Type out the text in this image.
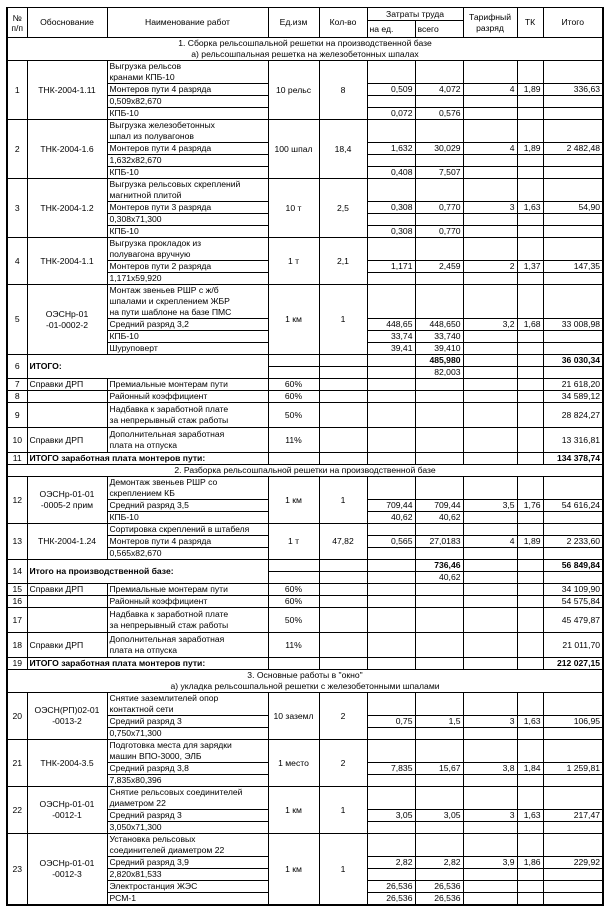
№ п/п	Обоснование	Наименование работ	Ед.изм	Кол-во	Затраты труда		Тарифный разряд	ТК	Итого
					на ед.	всего			
1. Сборка рельсошпальной решетки на производственной базе									
а) рельсошпальная решетка на железобетонных шпалах									
1	ТНК-2004-1.11	Выгрузка рельсов	10 рельс	8					
		кранами КПБ-10							
		Монтеров пути 4 разряда			0,509	4,072	4	1,89	336,63
		0,509x82,670							
		КПБ-10			0,072	0,576			
2	ТНК-2004-1.6	Выгрузка железобетонных	100 шпал	18,4					
		шпал из полувагонов							
		Монтеров пути 4 разряда			1,632	30,029	4	1,89	2 482,48
		1,632x82,670							
		КПБ-10			0,408	7,507			
3	ТНК-2004-1.2	Выгрузка рельсовых скреплений	10 т	2,5					
		магнитной плитой							
		Монтеров пути 3 разряда			0,308	0,770	3	1,63	54,90
		0,308x71,300							
		КПБ-10			0,308	0,770			
4	ТНК-2004-1.1	Выгрузка прокладок из	1 т	2,1					
		полувагона вручную							
		Монтеров пути 2 разряда			1,171	2,459	2	1,37	147,35
		1,171x59,920							
5	ОЭСНр-01
-01-0002-2	Монтаж звеньев РШР с ж/б	1 км	1					
		шпалами и скреплением ЖБР							
		на пути шаблоне на базе ПМС							
		Средний разряд 3,2			448,65	448,650	3,2	1,68	33 008,98
		КПБ-10			33,74	33,740			
		Шуруповерт			39,41	39,410			
6	ИТОГО:					485,980			36 030,34
						82,003			
7	Справки ДРП	Премиальные монтерам пути	60%						21 618,20
8		Районный коэффициент	60%						34 589,12
9		Надбавка к заработной плате
за непрерывный стаж работы	50%						28 824,27
10	Справки ДРП	Дополнительная заработная
плата на отпуска	11%						13 316,81
11	ИТОГО заработная плата монтеров пути:								134 378,74
2. Разборка рельсошпальной решетки на производственной базе									
12	ОЭСНр-01-01
-0005-2 прим	Демонтаж звеньев РШР со	1 км	1					
		скреплением КБ							
		Средний разряд 3,5			709,44	709,44	3,5	1,76	54 616,24
		КПБ-10			40,62	40,62			
13	ТНК-2004-1.24	Сортировка скреплений в штабеля	1 т	47,82					
		Монтеров пути 4 разряда			0,565	27,0183	4	1,89	2 233,60
		0,565x82,670							
14	Итого на производственной базе:					736,46			56 849,84
						40,62			
15	Справки ДРП	Премиальные монтерам пути	60%						34 109,90
16		Районный коэффициент	60%						54 575,84
17		Надбавка к заработной плате
за непрерывный стаж работы	50%						45 479,87
18	Справки ДРП	Дополнительная заработная
плата на отпуска	11%						21 011,70
19	ИТОГО заработная плата монтеров пути:								212 027,15
3. Основные работы в "окно"									
а) укладка рельсошпальной решетки с железобетонными шпалами									
20	ОЭСН(РП)02-01
-0013-2	Снятие заземлителей опор	10 заземл	2					
		контактной сети							
		Средний разряд 3			0,75	1,5	3	1,63	106,95
		0,750x71,300							
21	ТНК-2004-3.5	Подготовка места для зарядки	1 место	2					
		машин ВПО-3000, ЭЛБ							
		Средний разряд 3,8			7,835	15,67	3,8	1,84	1 259,81
		7,835x80,396							
22	ОЭСНр-01-01
-0012-1	Снятие рельсовых соединителей	1 км	1					
		диаметром 22							
		Средний разряд 3			3,05	3,05	3	1,63	217,47
		3,050x71,300							
23	ОЭСНр-01-01
-0012-3	Установка рельсовых	1 км	1					
		соединителей диаметром 22							
		Средний разряд 3,9			2,82	2,82	3,9	1,86	229,92
		2,820x81,533							
		Электростанция ЖЭС			26,536	26,536			
		РСМ-1			26,536	26,536			
